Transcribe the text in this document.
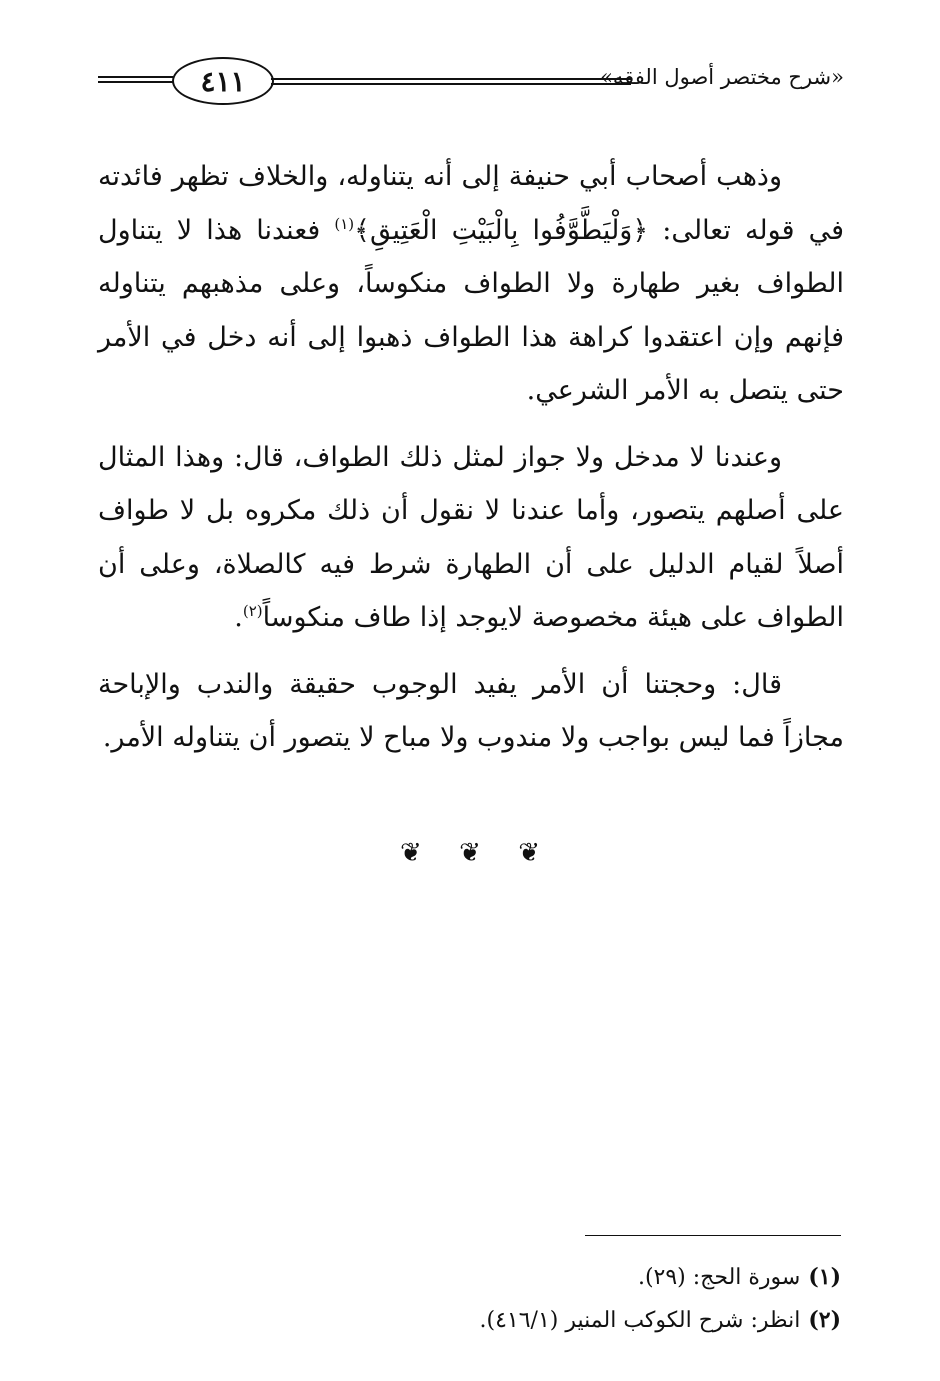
٤١١	«شرح مختصر أصول الفقه»

وذهب أصحاب أبي حنيفة إلى أنه يتناوله، والخلاف تظهر فائدته في قوله تعالى: ﴿وَلْيَطَّوَّفُوا بِالْبَيْتِ الْعَتِيقِ﴾$^{(١)}$ فعندنا هذا لا يتناول الطواف بغير طهارة ولا الطواف منكوساً، وعلى مذهبهم يتناوله فإنهم وإن اعتقدوا كراهة هذا الطواف ذهبوا إلى أنه دخل في الأمر حتى يتصل به الأمر الشرعي.

وعندنا لا مدخل ولا جواز لمثل ذلك الطواف، قال: وهذا المثال على أصلهم يتصور، وأما عندنا لا نقول أن ذلك مكروه بل لا طواف أصلاً لقيام الدليل على أن الطهارة شرط فيه كالصلاة، وعلى أن الطواف على هيئة مخصوصة لايوجد إذا طاف منكوساً$^{(٢)}$.

قال: وحجتنا أن الأمر يفيد الوجوب حقيقة والندب والإباحة مجازاً فما ليس بواجب ولا مندوب ولا مباح لا يتصور أن يتناوله الأمر.

❦ ❦ ❦
(١)سورة الحج: (٢٩).
(٢)انظر: شرح الكوكب المنير (٤١٦/١).
